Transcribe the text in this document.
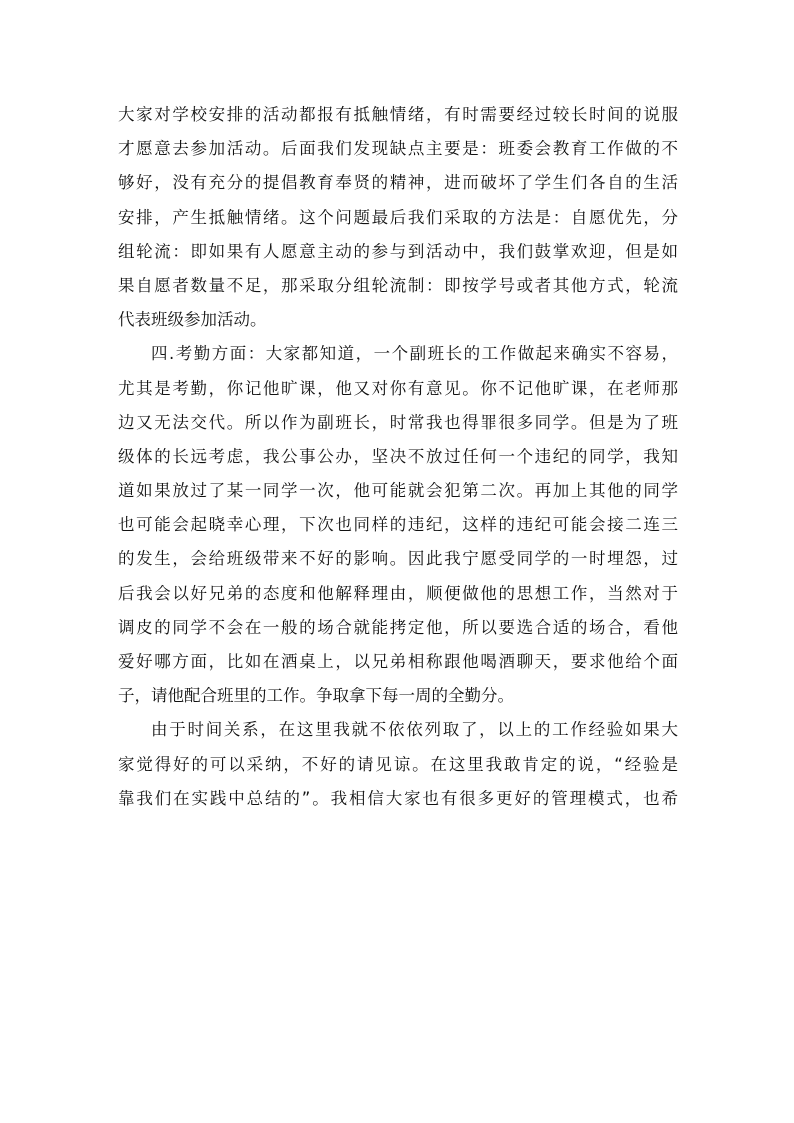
大家对学校安排的活动都报有抵触情绪，有时需要经过较长时间的说服
才愿意去参加活动。后面我们发现缺点主要是：班委会教育工作做的不
够好，没有充分的提倡教育奉贤的精神，进而破坏了学生们各自的生活
安排，产生抵触情绪。这个问题最后我们采取的方法是：自愿优先，分
组轮流：即如果有人愿意主动的参与到活动中，我们鼓掌欢迎，但是如
果自愿者数量不足，那采取分组轮流制：即按学号或者其他方式，轮流
代表班级参加活动。
四.考勤方面：大家都知道，一个副班长的工作做起来确实不容易，
尤其是考勤，你记他旷课，他又对你有意见。你不记他旷课，在老师那
边又无法交代。所以作为副班长，时常我也得罪很多同学。但是为了班
级体的长远考虑，我公事公办，坚决不放过任何一个违纪的同学，我知
道如果放过了某一同学一次，他可能就会犯第二次。再加上其他的同学
也可能会起晓幸心理，下次也同样的违纪，这样的违纪可能会接二连三
的发生，会给班级带来不好的影响。因此我宁愿受同学的一时埋怨，过
后我会以好兄弟的态度和他解释理由，顺便做他的思想工作，当然对于
调皮的同学不会在一般的场合就能拷定他，所以要选合适的场合，看他
爱好哪方面，比如在酒桌上，以兄弟相称跟他喝酒聊天，要求他给个面
子，请他配合班里的工作。争取拿下每一周的全勤分。
由于时间关系，在这里我就不依依列取了，以上的工作经验如果大
家觉得好的可以采纳，不好的请见谅。在这里我敢肯定的说，“经验是
靠我们在实践中总结的”。我相信大家也有很多更好的管理模式，也希
